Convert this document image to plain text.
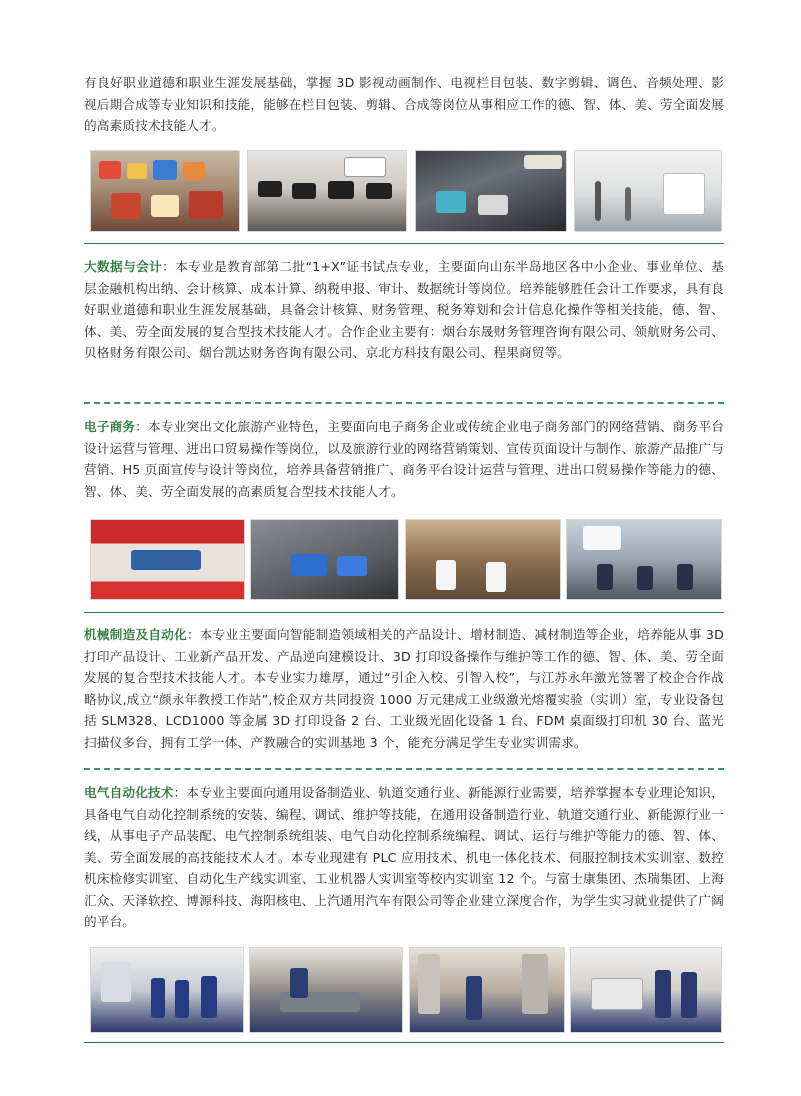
有良好职业道德和职业生涯发展基础，掌握 3D 影视动画制作、电视栏目包装、数字剪辑、调色、音频处理、影视后期合成等专业知识和技能，能够在栏目包装、剪辑、合成等岗位从事相应工作的德、智、体、美、劳全面发展的高素质技术技能人才。

大数据与会计：本专业是教育部第二批“1+X”证书试点专业，主要面向山东半岛地区各中小企业、事业单位、基层金融机构出纳、会计核算、成本计算、纳税申报、审计、数据统计等岗位。培养能够胜任会计工作要求，具有良好职业道德和职业生涯发展基础，具备会计核算、财务管理、税务筹划和会计信息化操作等相关技能，德、智、体、美、劳全面发展的复合型技术技能人才。合作企业主要有：烟台东晟财务管理咨询有限公司、领航财务公司、贝格财务有限公司、烟台凯达财务咨询有限公司、京北方科技有限公司、程果商贸等。

电子商务：本专业突出文化旅游产业特色，主要面向电子商务企业或传统企业电子商务部门的网络营销、商务平台设计运营与管理、进出口贸易操作等岗位，以及旅游行业的网络营销策划、宣传页面设计与制作、旅游产品推广与营销、H5 页面宣传与设计等岗位，培养具备营销推广、商务平台设计运营与管理、进出口贸易操作等能力的德、智、体、美、劳全面发展的高素质复合型技术技能人才。

机械制造及自动化：本专业主要面向智能制造领域相关的产品设计、增材制造、减材制造等企业，培养能从事 3D 打印产品设计、工业新产品开发、产品逆向建模设计、3D 打印设备操作与维护等工作的德、智、体、美、劳全面发展的复合型技术技能人才。本专业实力雄厚，通过“引企入校、引智入校”，与江苏永年激光签署了校企合作战略协议,成立“颜永年教授工作站”,校企双方共同投资 1000 万元建成工业级激光熔覆实验（实训）室，专业设备包括 SLM328、LCD1000 等金属 3D 打印设备 2 台、工业级光固化设备 1 台、FDM 桌面级打印机 30 台、蓝光扫描仪多台，拥有工学一体、产教融合的实训基地 3 个，能充分满足学生专业实训需求。

电气自动化技术：本专业主要面向通用设备制造业、轨道交通行业、新能源行业需要，培养掌握本专业理论知识，具备电气自动化控制系统的安装、编程、调试、维护等技能，在通用设备制造行业、轨道交通行业、新能源行业一线，从事电子产品装配、电气控制系统组装、电气自动化控制系统编程、调试、运行与维护等能力的德、智、体、美、劳全面发展的高技能技术人才。本专业现建有 PLC 应用技术、机电一体化技术、伺服控制技术实训室、数控机床检修实训室、自动化生产线实训室、工业机器人实训室等校内实训室 12 个。与富士康集团、杰瑞集团、上海汇众、天泽软控、博源科技、海阳核电、上汽通用汽车有限公司等企业建立深度合作，为学生实习就业提供了广阔的平台。
